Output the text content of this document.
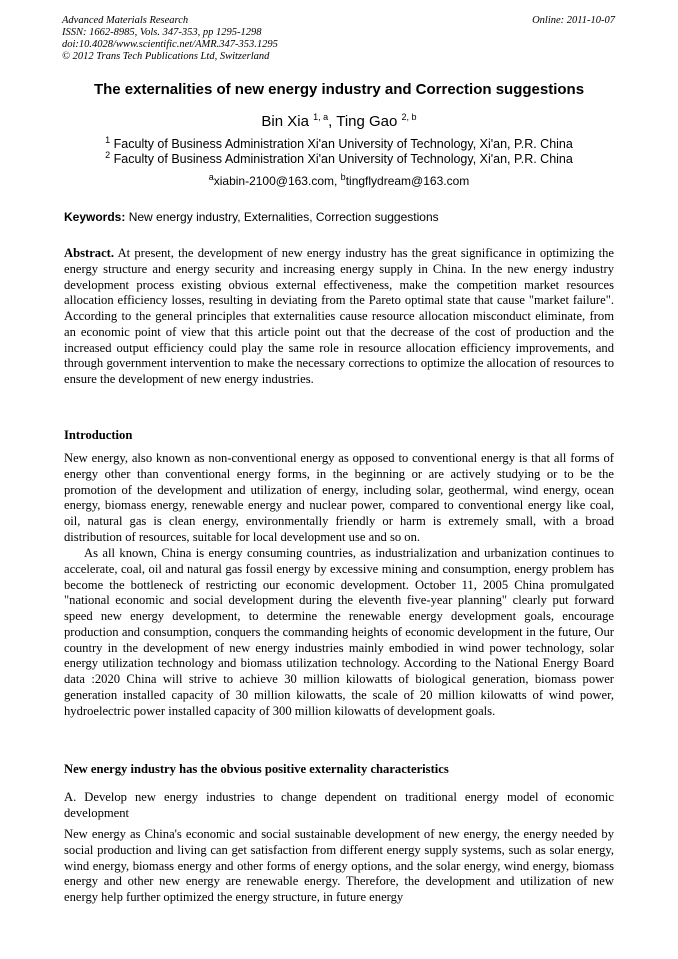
Advanced Materials Research
ISSN: 1662-8985, Vols. 347-353, pp 1295-1298
doi:10.4028/www.scientific.net/AMR.347-353.1295
© 2012 Trans Tech Publications Ltd, Switzerland
Online: 2011-10-07
The externalities of new energy industry and Correction suggestions
Bin Xia $^{1, a}$, Ting Gao $^{2, b}$
$^1$ Faculty of Business Administration Xi'an University of Technology, Xi'an, P.R. China
$^2$ Faculty of Business Administration Xi'an University of Technology, Xi'an, P.R. China
$^a$xiabin-2100@163.com, $^b$tingflydream@163.com
Keywords: New energy industry, Externalities, Correction suggestions

Abstract. At present, the development of new energy industry has the great significance in optimizing the energy structure and energy security and increasing energy supply in China. In the new energy industry development process existing obvious external effectiveness, make the competition market resources allocation efficiency losses, resulting in deviating from the Pareto optimal state that cause "market failure". According to the general principles that externalities cause resource allocation misconduct eliminate, from an economic point of view that this article point out that the decrease of the cost of production and the increased output efficiency could play the same role in resource allocation efficiency improvements, and through government intervention to make the necessary corrections to optimize the allocation of resources to ensure the development of new energy industries.

Introduction

New energy, also known as non-conventional energy as opposed to conventional energy is that all forms of energy other than conventional energy forms, in the beginning or are actively studying or to be the promotion of the development and utilization of energy, including solar, geothermal, wind energy, ocean energy, biomass energy, renewable energy and nuclear power, compared to conventional energy like coal, oil, natural gas is clean energy, environmentally friendly or harm is extremely small, with a broad distribution of resources, suitable for local development use and so on.

As all known, China is energy consuming countries, as industrialization and urbanization continues to accelerate, coal, oil and natural gas fossil energy by excessive mining and consumption, energy problem has become the bottleneck of restricting our economic development. October 11, 2005 China promulgated "national economic and social development during the eleventh five-year planning" clearly put forward speed new energy development, to determine the renewable energy development goals, encourage production and consumption, conquers the commanding heights of economic development in the future, Our country in the development of new energy industries mainly embodied in wind power technology, solar energy utilization technology and biomass utilization technology. According to the National Energy Board data :2020 China will strive to achieve 30 million kilowatts of biological generation, biomass power generation installed capacity of 30 million kilowatts, the scale of 20 million kilowatts of wind power, hydroelectric power installed capacity of 300 million kilowatts of development goals.

New energy industry has the obvious positive externality characteristics

A. Develop new energy industries to change dependent on traditional energy model of economic development

New energy as China's economic and social sustainable development of new energy, the energy needed by social production and living can get satisfaction from different energy supply systems, such as solar energy, wind energy, biomass energy and other forms of energy options, and the solar energy, wind energy, biomass energy and other new energy are renewable energy. Therefore, the development and utilization of new energy help further optimized the energy structure, in future energy
